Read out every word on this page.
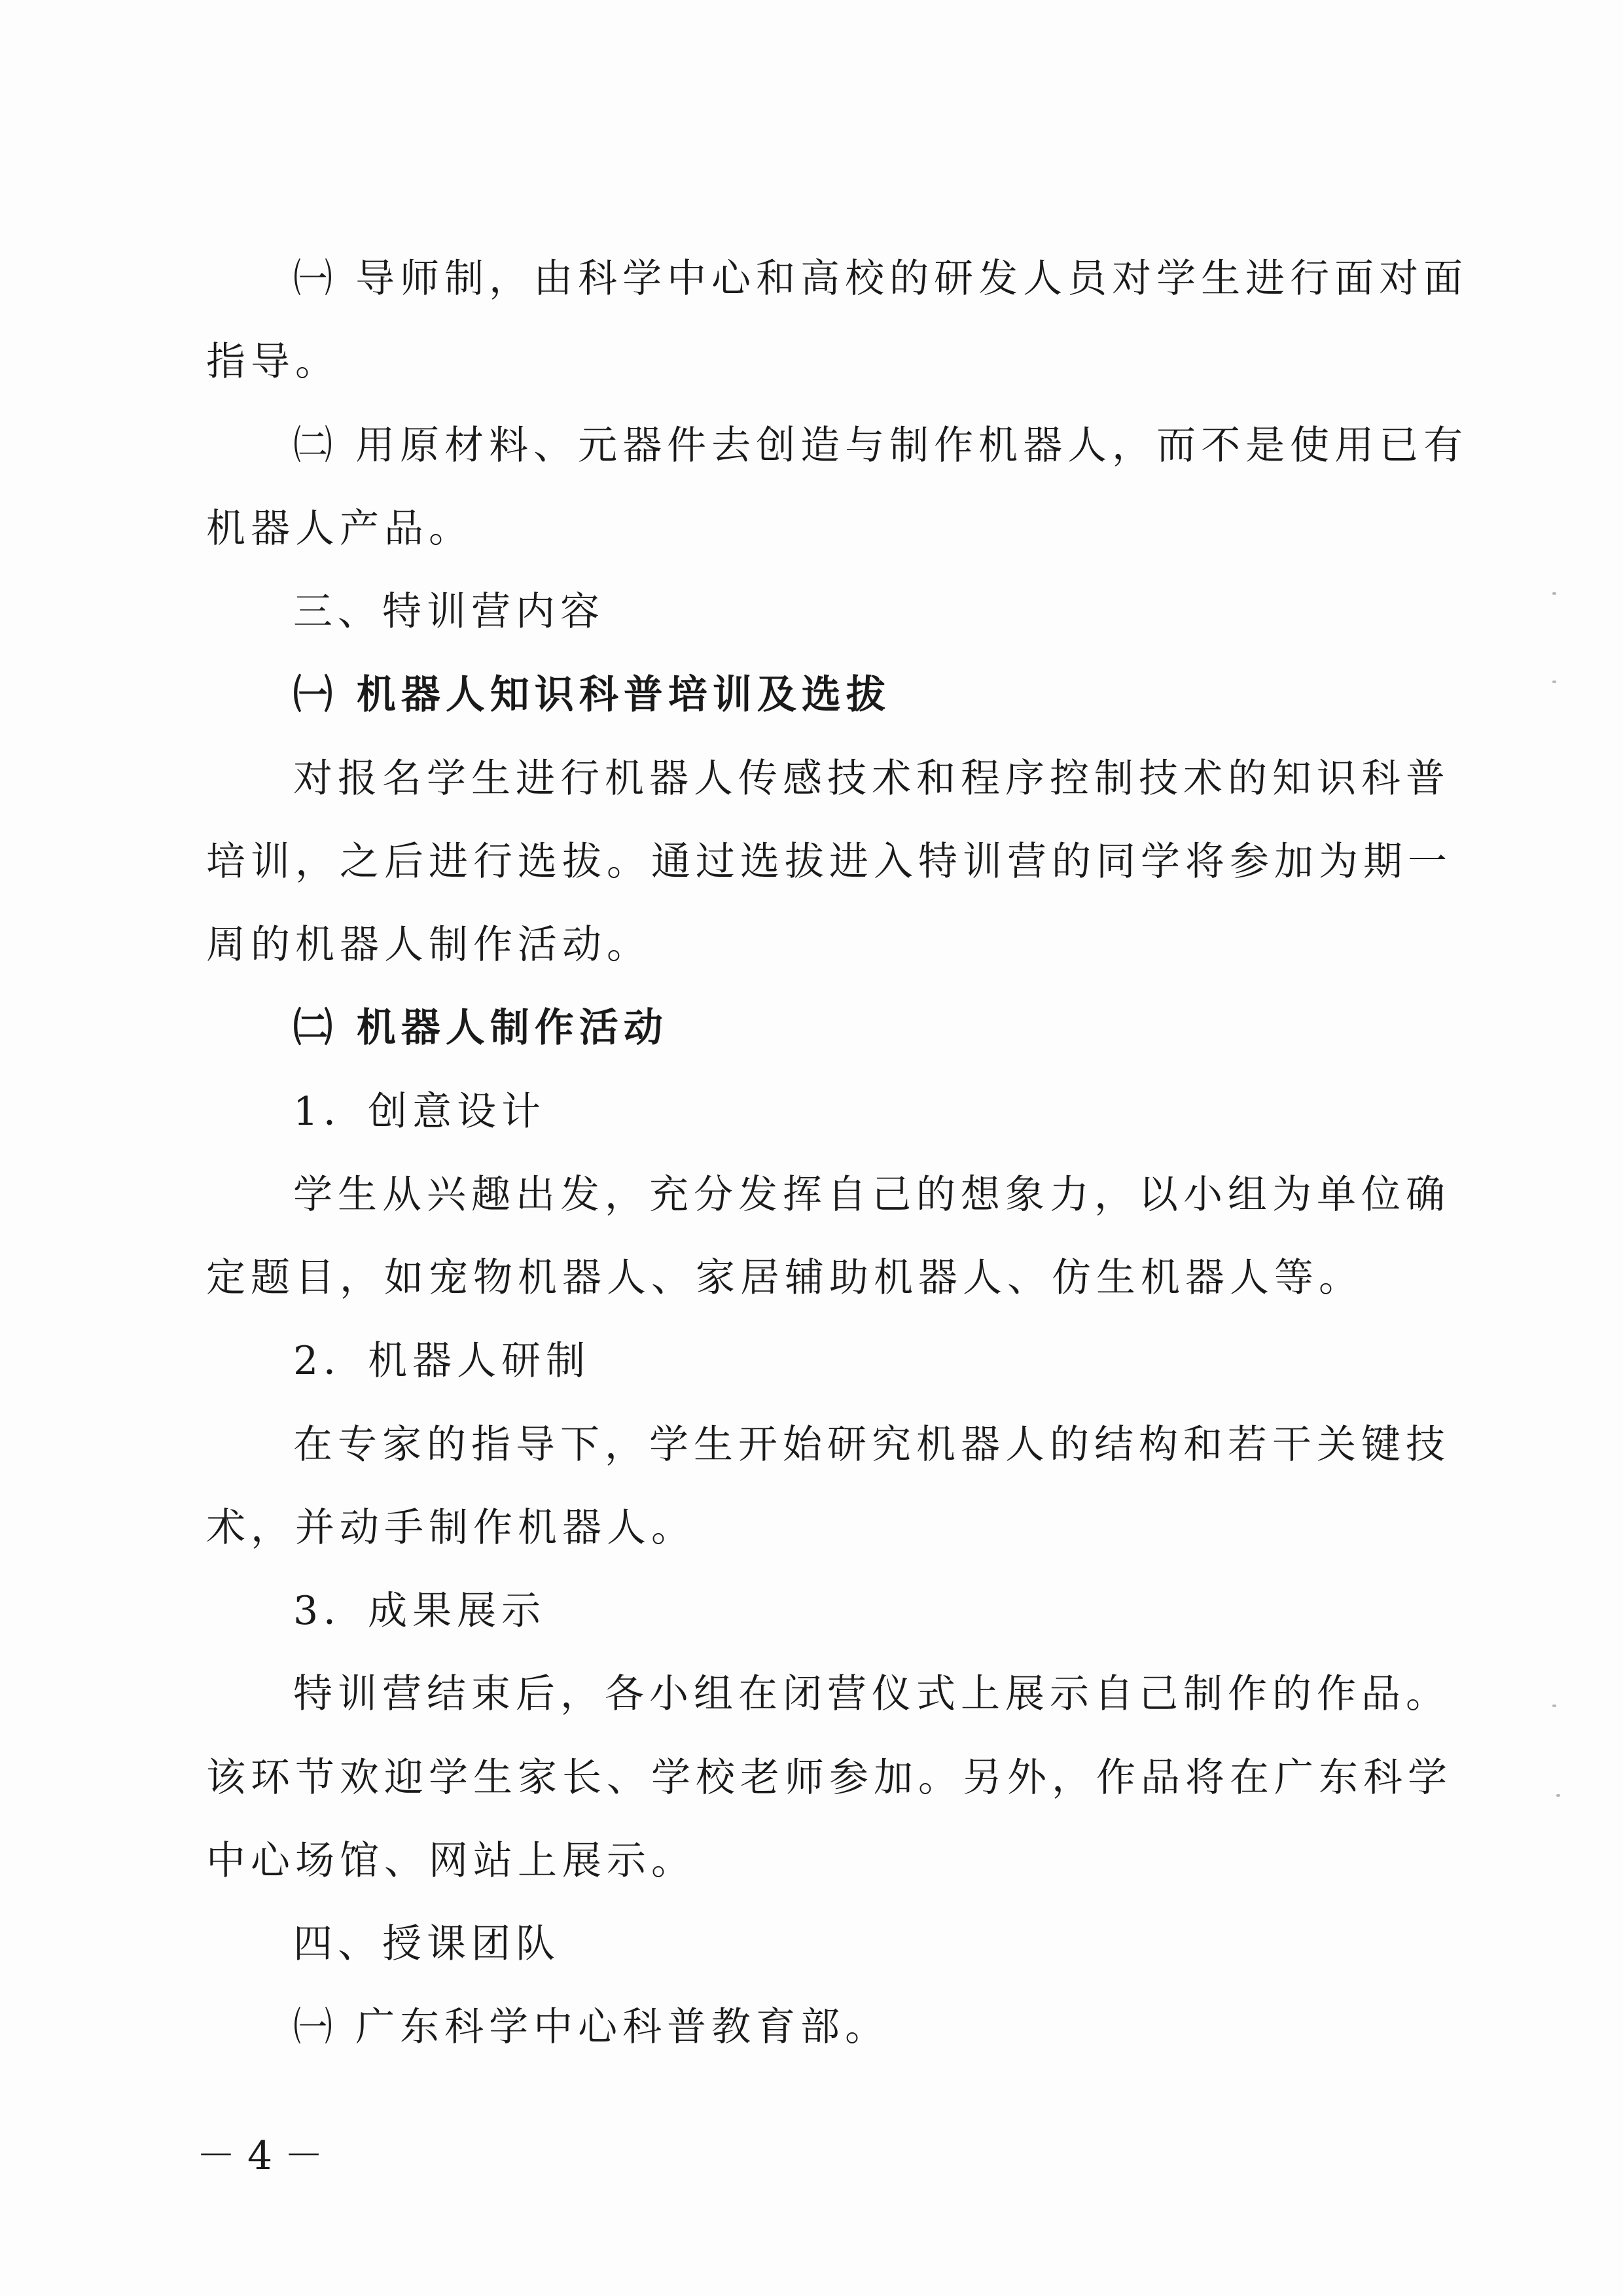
㈠ 导师制，由科学中心和高校的研发人员对学生进行面对面
指导。
㈡ 用原材料、元器件去创造与制作机器人，而不是使用已有
机器人产品。
三、特训营内容
㈠ 机器人知识科普培训及选拔
对报名学生进行机器人传感技术和程序控制技术的知识科普
培训，之后进行选拔。通过选拔进入特训营的同学将参加为期一
周的机器人制作活动。
㈡ 机器人制作活动
1．创意设计
学生从兴趣出发，充分发挥自己的想象力，以小组为单位确
定题目，如宠物机器人、家居辅助机器人、仿生机器人等。
2．机器人研制
在专家的指导下，学生开始研究机器人的结构和若干关键技
术，并动手制作机器人。
3．成果展示
特训营结束后，各小组在闭营仪式上展示自己制作的作品。
该环节欢迎学生家长、学校老师参加。另外，作品将在广东科学
中心场馆、网站上展示。
四、授课团队
㈠ 广东科学中心科普教育部。
－4－
